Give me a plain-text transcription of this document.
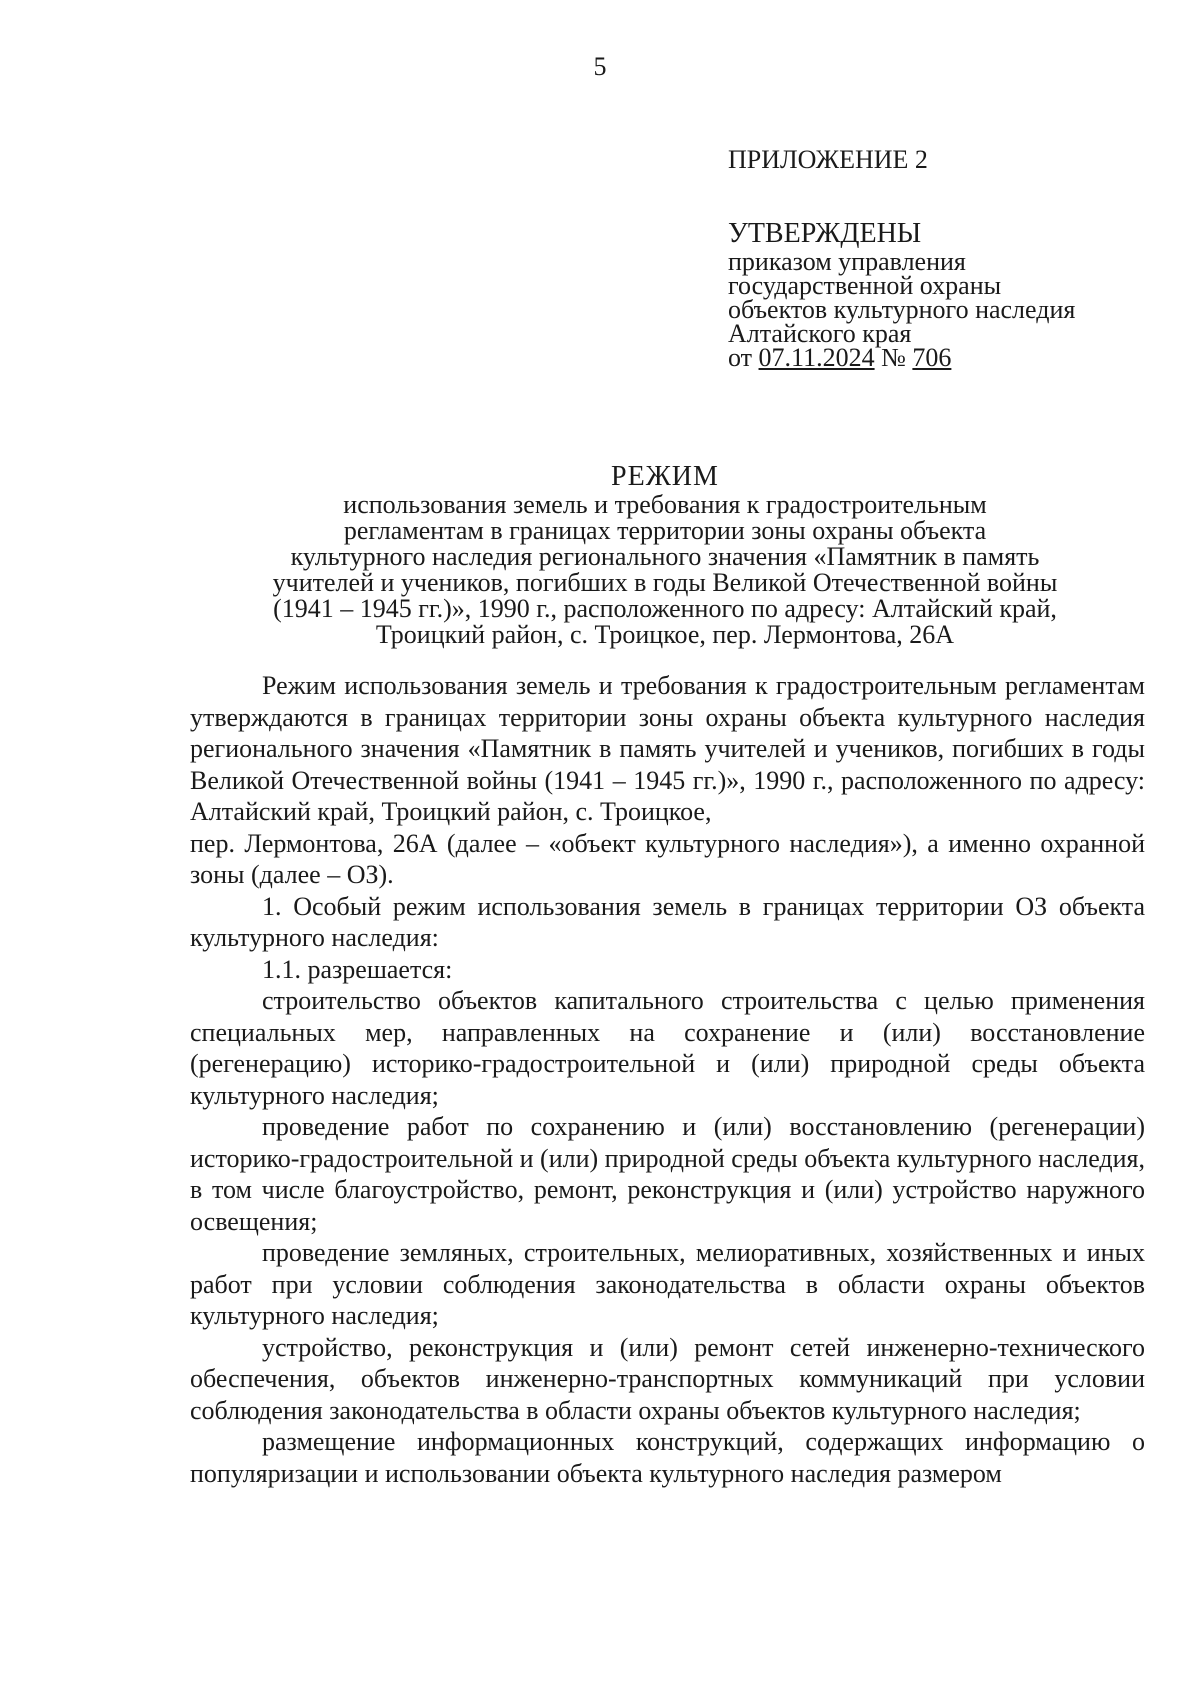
5
ПРИЛОЖЕНИЕ 2
УТВЕРЖДЕНЫ
приказом управления
государственной охраны
объектов культурного наследия
Алтайского края
от 07.11.2024 № 706
РЕЖИМ
использования земель и требования к градостроительным
регламентам в границах территории зоны охраны объекта
культурного наследия регионального значения «Памятник в память
учителей и учеников, погибших в годы Великой Отечественной войны
(1941 – 1945 гг.)», 1990 г., расположенного по адресу: Алтайский край,
Троицкий район, с. Троицкое, пер. Лермонтова, 26А

Режим использования земель и требования к градостроительным регламентам утверждаются в границах территории зоны охраны объекта культурного наследия регионального значения «Памятник в память учителей и учеников, погибших в годы Великой Отечественной войны (1941 – 1945 гг.)», 1990 г., расположенного по адресу: Алтайский край, Троицкий район, с. Троицкое,

пер. Лермонтова, 26А (далее – «объект культурного наследия»), а именно охранной зоны (далее – ОЗ).

1. Особый режим использования земель в границах территории ОЗ объекта культурного наследия:

1.1. разрешается:

строительство объектов капитального строительства с целью применения специальных мер, направленных на сохранение и (или) восстановление (регенерацию) историко-градостроительной и (или) природной среды объекта культурного наследия;

проведение работ по сохранению и (или) восстановлению (регенерации) историко-градостроительной и (или) природной среды объекта культурного наследия, в том числе благоустройство, ремонт, реконструкция и (или) устройство наружного освещения;

проведение земляных, строительных, мелиоративных, хозяйственных и иных работ при условии соблюдения законодательства в области охраны объектов культурного наследия;

устройство, реконструкция и (или) ремонт сетей инженерно-технического обеспечения, объектов инженерно-транспортных коммуникаций при условии соблюдения законодательства в области охраны объектов культурного наследия;

размещение информационных конструкций, содержащих информацию о популяризации и использовании объекта культурного наследия размером
